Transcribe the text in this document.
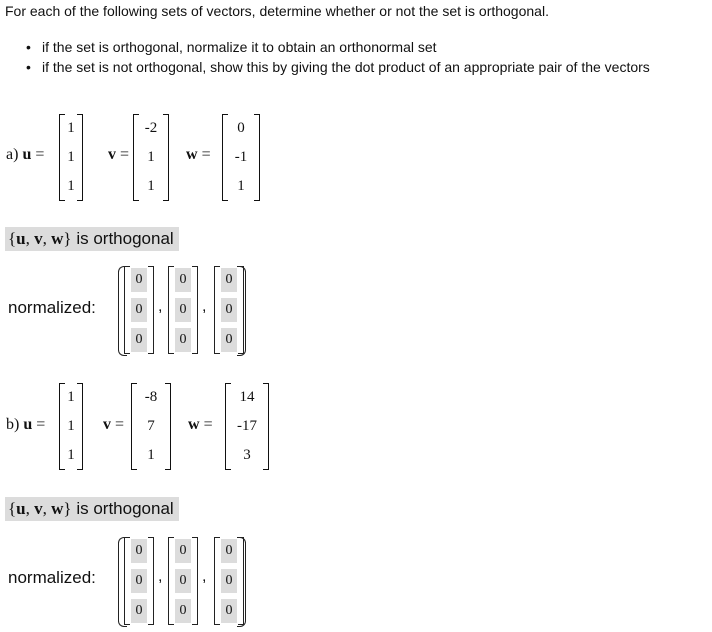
For each of the following sets of vectors, determine whether or not the set is orthogonal.
• if the set is orthogonal, normalize it to obtain an orthonormal set
• if the set is not orthogonal, show this by giving the dot product of an appropriate pair of the vectors
a) u =
1
1
1
v =
-2
1
1
w =
0
-1
1
{u, v, w} is orthogonal
normalized:
0
0
0
,
0
0
0
,
0
0
0
b) u =
1
1
1
v =
-8
7
1
w =
14
-17
3
{u, v, w} is orthogonal
normalized:
0
0
0
,
0
0
0
,
0
0
0
